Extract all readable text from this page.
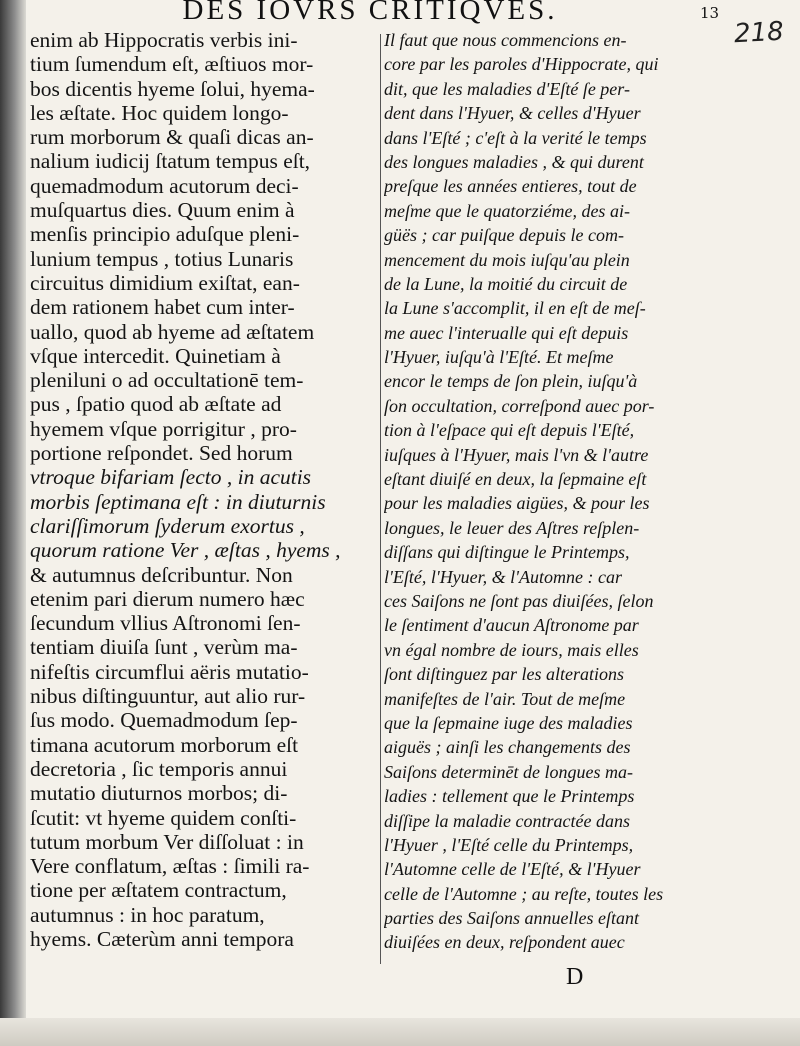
DES IOVRS CRITIQVES.	13
218
enim ab Hippocratis verbis ini-
tium ſumendum eſt, æſtiuos mor-
bos dicentis hyeme ſolui, hyema-
les æſtate. Hoc quidem longo-
rum morborum & quaſi dicas an-
nalium iudicij ſtatum tempus eſt,
quemadmodum acutorum deci-
muſquartus dies. Quum enim à
menſis principio aduſque pleni-
lunium tempus , totius Lunaris
circuitus dimidium exiſtat, ean-
dem rationem habet cum inter-
uallo, quod ab hyeme ad æſtatem
vſque intercedit. Quinetiam à
pleniluni o ad occultationē tem-
pus , ſpatio quod ab æſtate ad
hyemem vſque porrigitur , pro-
portione reſpondet. Sed horum
vtroque bifariam ſecto , in acutis
morbis ſeptimana eſt : in diuturnis
clariſſimorum ſyderum exortus ,
quorum ratione Ver , æſtas , hyems ,
& autumnus deſcribuntur. Non
etenim pari dierum numero hæc
ſecundum vllius Aſtronomi ſen-
tentiam diuiſa ſunt , verùm ma-
nifeſtis circumflui aëris mutatio-
nibus diſtinguuntur, aut alio rur-
ſus modo. Quemadmodum ſep-
timana acutorum morborum eſt
decretoria , ſic temporis annui
mutatio diuturnos morbos; di-
ſcutit: vt hyeme quidem conſti-
tutum morbum Ver diſſoluat : in
Vere conflatum, æſtas : ſimili ra-
tione per æſtatem contractum,
autumnus : in hoc paratum,
hyems. Cæterùm anni tempora
Il faut que nous commencions en-
core par les paroles d'Hippocrate, qui
dit, que les maladies d'Eſté ſe per-
dent dans l'Hyuer, & celles d'Hyuer
dans l'Eſté ; c'eſt à la verité le temps
des longues maladies , & qui durent
preſque les années entieres, tout de
meſme que le quatorziéme, des ai-
güës ; car puiſque depuis le com-
mencement du mois iuſqu'au plein
de la Lune, la moitié du circuit de
la Lune s'accomplit, il en eſt de meſ-
me auec l'interualle qui eſt depuis
l'Hyuer, iuſqu'à l'Eſté. Et meſme
encor le temps de ſon plein, iuſqu'à
ſon occultation, correſpond auec por-
tion à l'eſpace qui eſt depuis l'Eſté,
iuſques à l'Hyuer, mais l'vn & l'autre
eſtant diuiſé en deux, la ſepmaine eſt
pour les maladies aigües, & pour les
longues, le leuer des Aſtres reſplen-
diſſans qui diſtingue le Printemps,
l'Eſté, l'Hyuer, & l'Automne : car
ces Saiſons ne ſont pas diuiſées, ſelon
le ſentiment d'aucun Aſtronome par
vn égal nombre de iours, mais elles
ſont diſtinguez par les alterations
manifeſtes de l'air. Tout de meſme
que la ſepmaine iuge des maladies
aiguës ; ainſi les changements des
Saiſons determinēt de longues ma-
ladies : tellement que le Printemps
diſſipe la maladie contractée dans
l'Hyuer , l'Eſté celle du Printemps,
l'Automne celle de l'Eſté, & l'Hyuer
celle de l'Automne ; au reſte, toutes les
parties des Saiſons annuelles eſtant
diuiſées en deux, reſpondent auec
D
